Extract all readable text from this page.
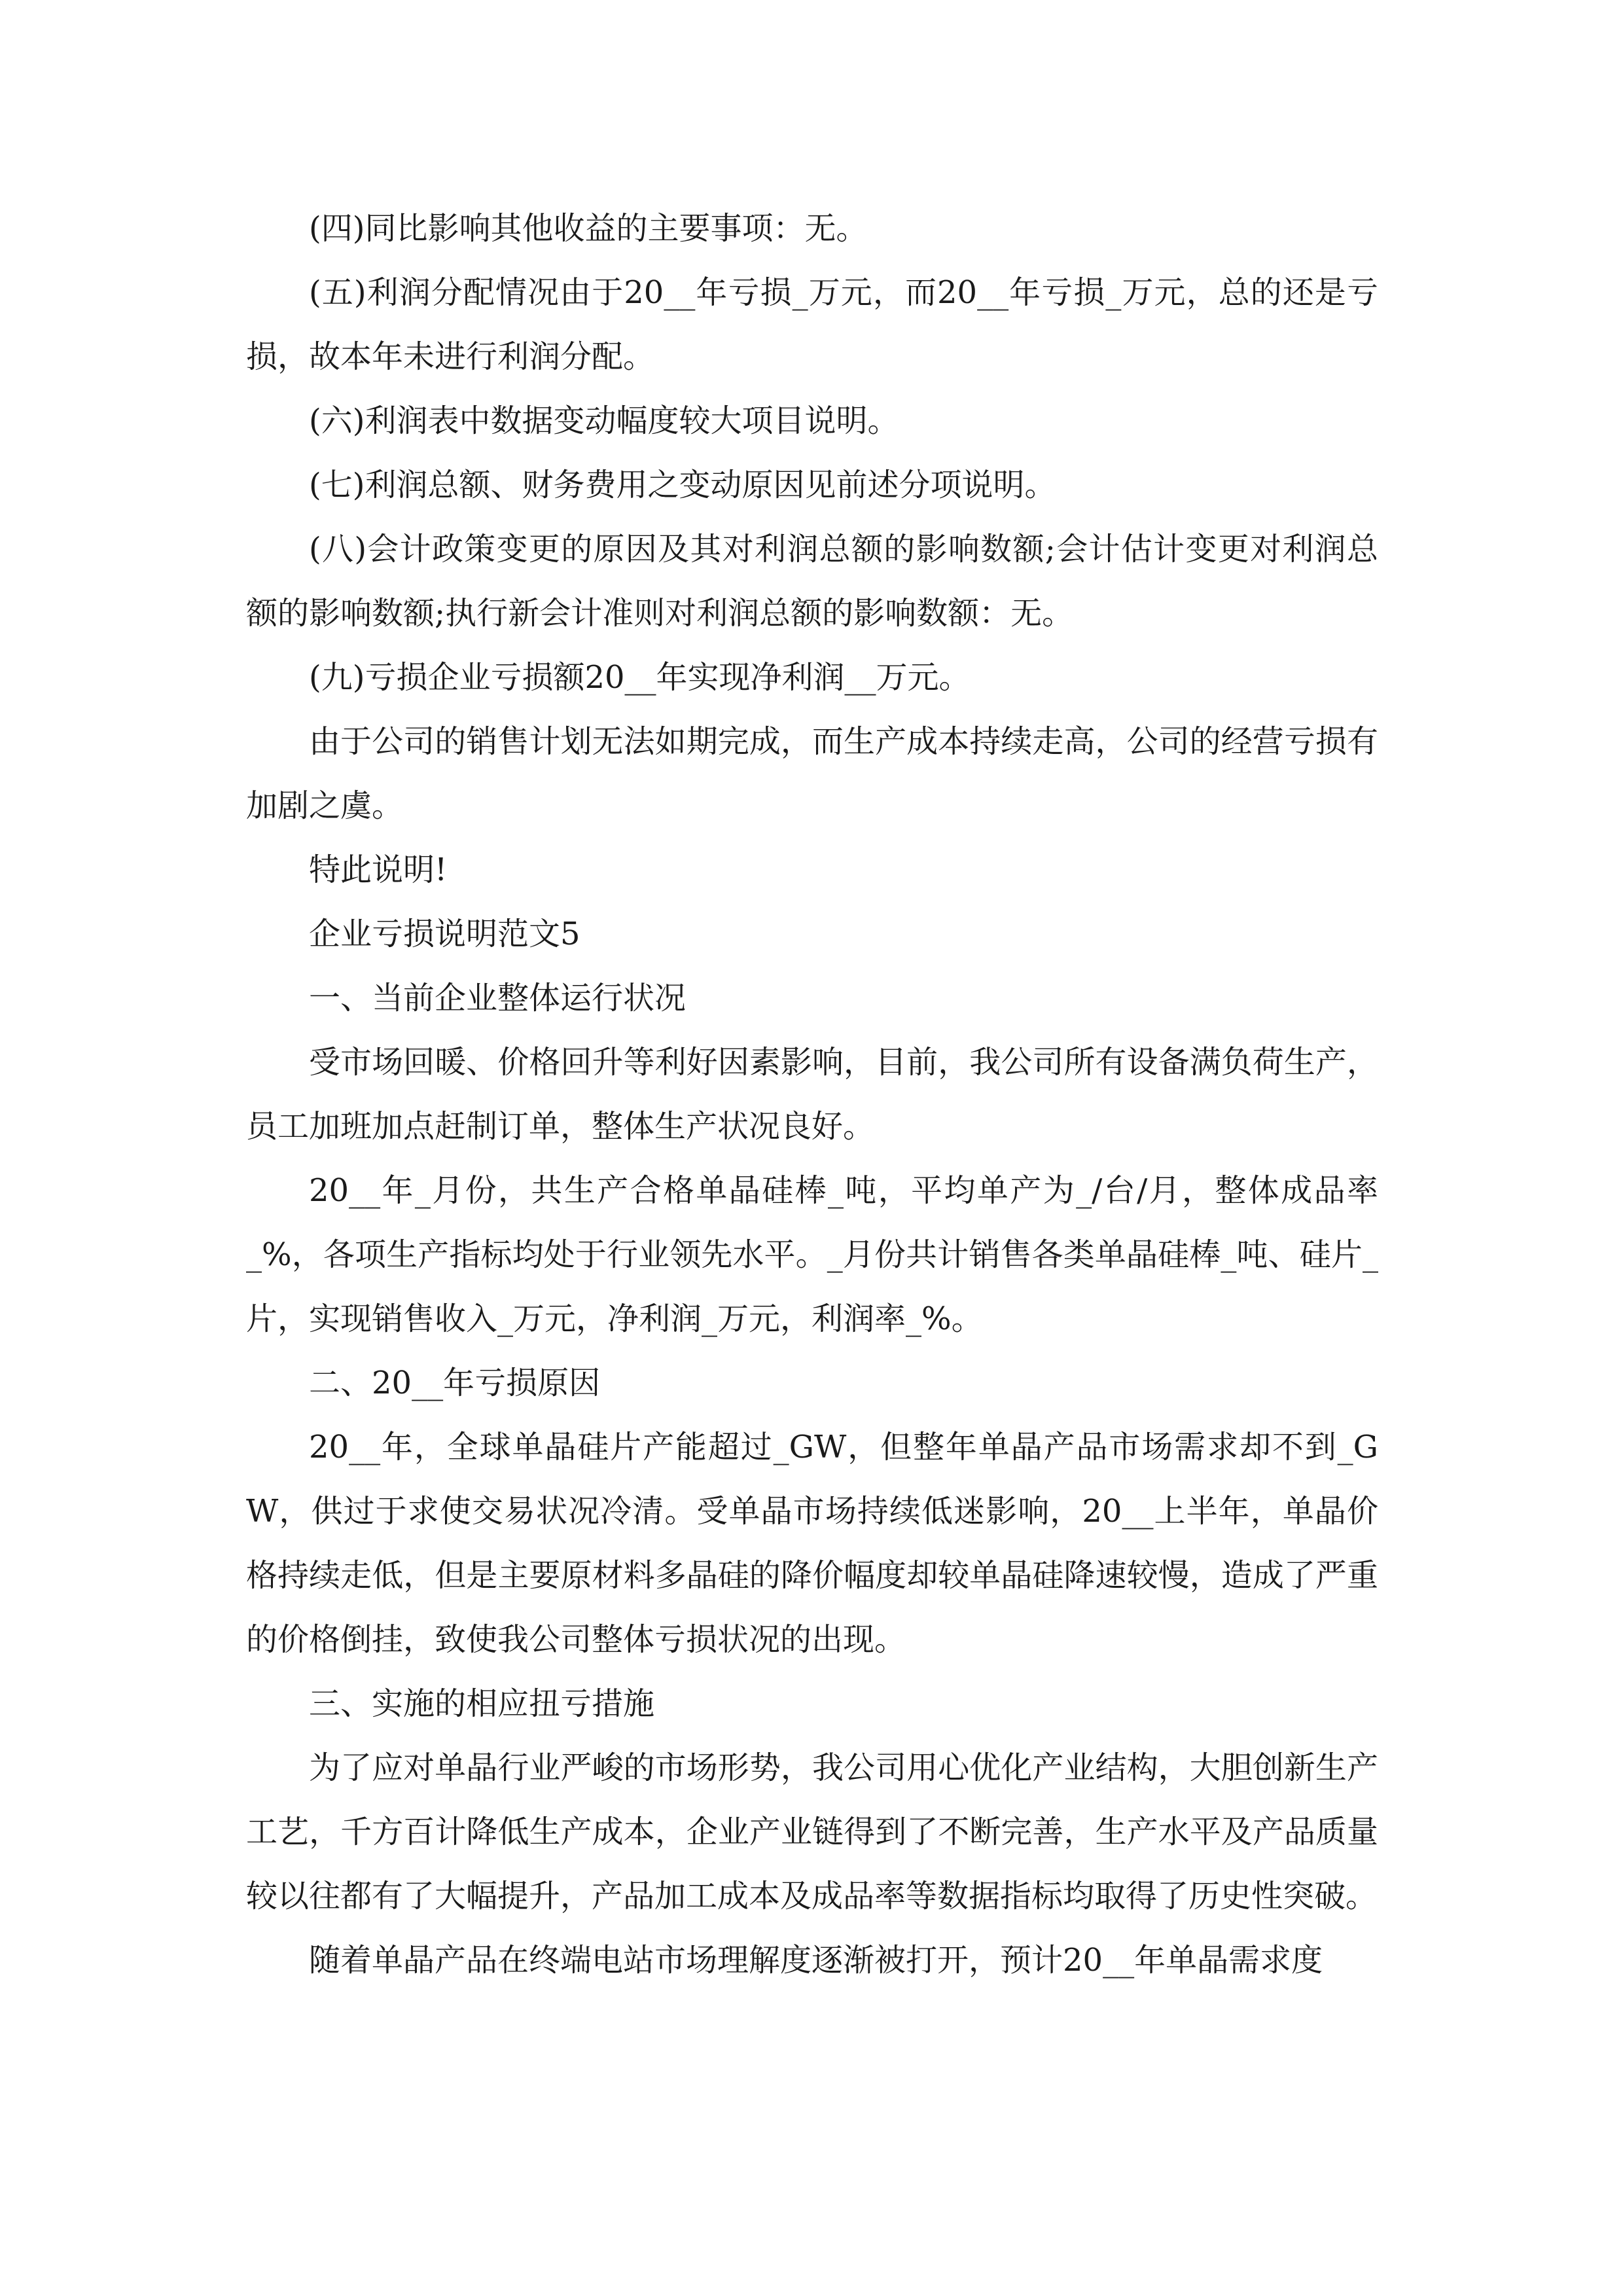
(四)同比影响其他收益的主要事项：无。

(五)利润分配情况由于20__年亏损_万元，而20__年亏损_万元，总的还是亏损，故本年未进行利润分配。

(六)利润表中数据变动幅度较大项目说明。

(七)利润总额、财务费用之变动原因见前述分项说明。

(八)会计政策变更的原因及其对利润总额的影响数额;会计估计变更对利润总额的影响数额;执行新会计准则对利润总额的影响数额：无。

(九)亏损企业亏损额20__年实现净利润__万元。

由于公司的销售计划无法如期完成，而生产成本持续走高，公司的经营亏损有加剧之虞。

特此说明!

企业亏损说明范文5

一、当前企业整体运行状况

受市场回暖、价格回升等利好因素影响，目前，我公司所有设备满负荷生产，员工加班加点赶制订单，整体生产状况良好。

20__年_月份，共生产合格单晶硅棒_吨，平均单产为_/台/月，整体成品率_%，各项生产指标均处于行业领先水平。_月份共计销售各类单晶硅棒_吨、硅片_片，实现销售收入_万元，净利润_万元，利润率_%。

二、20__年亏损原因

20__年，全球单晶硅片产能超过_GW，但整年单晶产品市场需求却不到_GW，供过于求使交易状况冷清。受单晶市场持续低迷影响，20__上半年，单晶价格持续走低，但是主要原材料多晶硅的降价幅度却较单晶硅降速较慢，造成了严重的价格倒挂，致使我公司整体亏损状况的出现。

三、实施的相应扭亏措施

为了应对单晶行业严峻的市场形势，我公司用心优化产业结构，大胆创新生产工艺，千方百计降低生产成本，企业产业链得到了不断完善，生产水平及产品质量较以往都有了大幅提升，产品加工成本及成品率等数据指标均取得了历史性突破。

随着单晶产品在终端电站市场理解度逐渐被打开，预计20__年单晶需求度
